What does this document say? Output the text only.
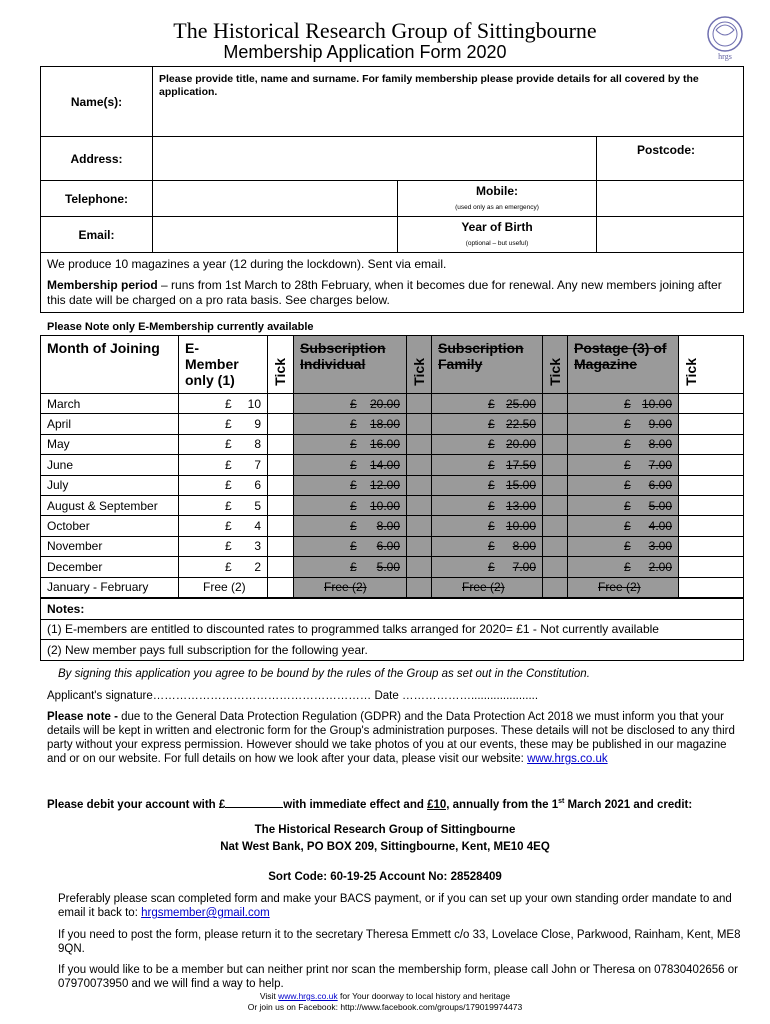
The Historical Research Group of Sittingbourne
Membership Application Form 2020	hrgs
Name(s):	Please provide title, name and surname. For family membership please provide details for all covered by the application.		
Address:			Postcode:
Telephone:		Mobile:
(used only as an emergency)	

Email:		Year of Birth
(optional – but useful)	

We produce 10 magazines a year (12 during the lockdown). Sent via email.
Membership period – runs from 1st March to 28th February, when it becomes due for renewal. Any new members joining after this date will be charged on a pro rata basis. See charges below.			
Please Note only E-Membership currently available
Month of Joining	E-Member only (1)	Tick	Subscription Individual	Tick	Subscription Family	Tick	Postage (3) of Magazine	Tick
March	£ 10		£ 20.00		£ 25.00		£ 10.00	

April	£ 9		£ 18.00		£ 22.50		£ 9.00	

May	£ 8		£ 16.00		£ 20.00		£ 8.00	

June	£ 7		£ 14.00		£ 17.50		£ 7.00	

July	£ 6		£ 12.00		£ 15.00		£ 6.00	

August & September	£ 5		£ 10.00		£ 13.00		£ 5.00	

October	£ 4		£ 8.00		£ 10.00		£ 4.00	

November	£ 3		£ 6.00		£ 8.00		£ 3.00	

December	£ 2		£ 5.00		£ 7.00		£ 2.00	

January - February	Free (2)		Free (2)		Free (2)		Free (2)	
Notes:
(1) E-members are entitled to discounted rates to programmed talks arranged for 2020= £1 - Not currently available
(2) New member pays full subscription for the following year.
By signing this application you agree to be bound by the rules of the Group as set out in the Constitution.
Applicant's signature………………………………………………… Date ……………….....................
Please note - due to the General Data Protection Regulation (GDPR) and the Data Protection Act 2018 we must inform you that your details will be kept in written and electronic form for the Group's administration purposes. These details will not be disclosed to any third party without your express permission. However should we take photos of you at our events, these may be published in our magazine and or on our website. For full details on how we look after your data, please visit our website: www.hrgs.co.uk
Please debit your account with £	with immediate effect and £10, annually from the 1st March 2021 and credit:
The Historical Research Group of Sittingbourne
Nat West Bank, PO BOX 209, Sittingbourne, Kent, ME10 4EQ
Sort Code: 60-19-25 Account No: 28528409
Preferably please scan completed form and make your BACS payment, or if you can set up your own standing order mandate to and email it back to: hrgsmember@gmail.com
If you need to post the form, please return it to the secretary Theresa Emmett c/o 33, Lovelace Close, Parkwood, Rainham, Kent, ME8 9QN.
If you would like to be a member but can neither print nor scan the membership form, please call John or Theresa on 07830402656 or 07970073950 and we will find a way to help.
Visit www.hrgs.co.uk for Your doorway to local history and heritage
Or join us on Facebook: http://www.facebook.com/groups/179019974473
